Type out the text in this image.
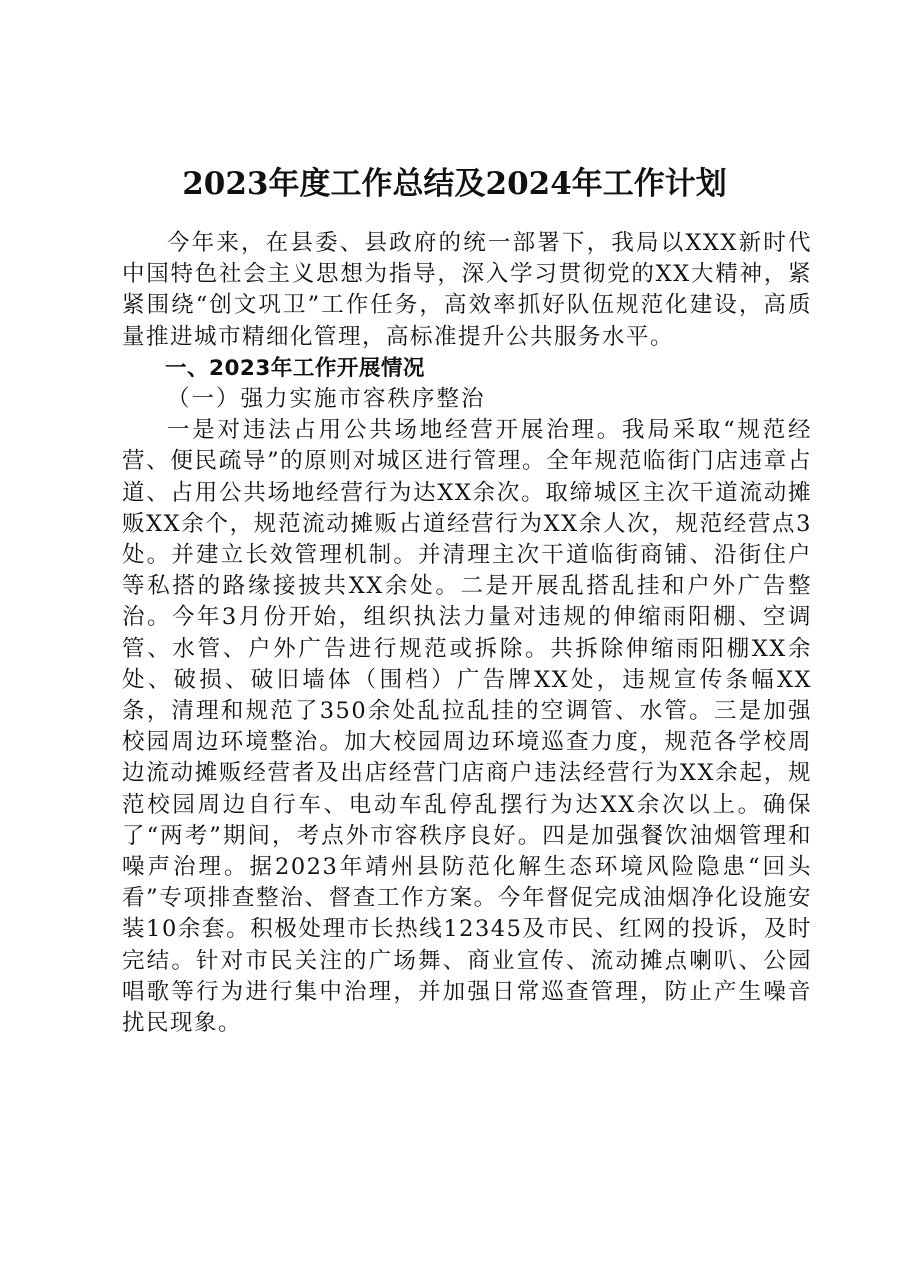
2023年度工作总结及2024年工作计划

今年来，在县委、县政府的统一部署下，我局以XXX新时代中国特色社会主义思想为指导，深入学习贯彻党的XX大精神，紧紧围绕“创文巩卫”工作任务，高效率抓好队伍规范化建设，高质量推进城市精细化管理，高标准提升公共服务水平。

一、2023年工作开展情况

（一）强力实施市容秩序整治

一是对违法占用公共场地经营开展治理。我局采取“规范经营、便民疏导”的原则对城区进行管理。全年规范临街门店违章占道、占用公共场地经营行为达XX余次。取缔城区主次干道流动摊贩XX余个，规范流动摊贩占道经营行为XX余人次，规范经营点3处。并建立长效管理机制。并清理主次干道临街商铺、沿街住户等私搭的路缘接披共XX余处。二是开展乱搭乱挂和户外广告整治。今年3月份开始，组织执法力量对违规的伸缩雨阳棚、空调管、水管、户外广告进行规范或拆除。共拆除伸缩雨阳棚XX余处、破损、破旧墙体（围档）广告牌XX处，违规宣传条幅XX条，清理和规范了350余处乱拉乱挂的空调管、水管。三是加强校园周边环境整治。加大校园周边环境巡查力度，规范各学校周边流动摊贩经营者及出店经营门店商户违法经营行为XX余起，规范校园周边自行车、电动车乱停乱摆行为达XX余次以上。确保了“两考”期间，考点外市容秩序良好。四是加强餐饮油烟管理和噪声治理。据2023年靖州县防范化解生态环境风险隐患“回头看”专项排查整治、督查工作方案。今年督促完成油烟净化设施安装10余套。积极处理市长热线12345及市民、红网的投诉，及时完结。针对市民关注的广场舞、商业宣传、流动摊点喇叭、公园唱歌等行为进行集中治理，并加强日常巡查管理，防止产生噪音扰民现象。
